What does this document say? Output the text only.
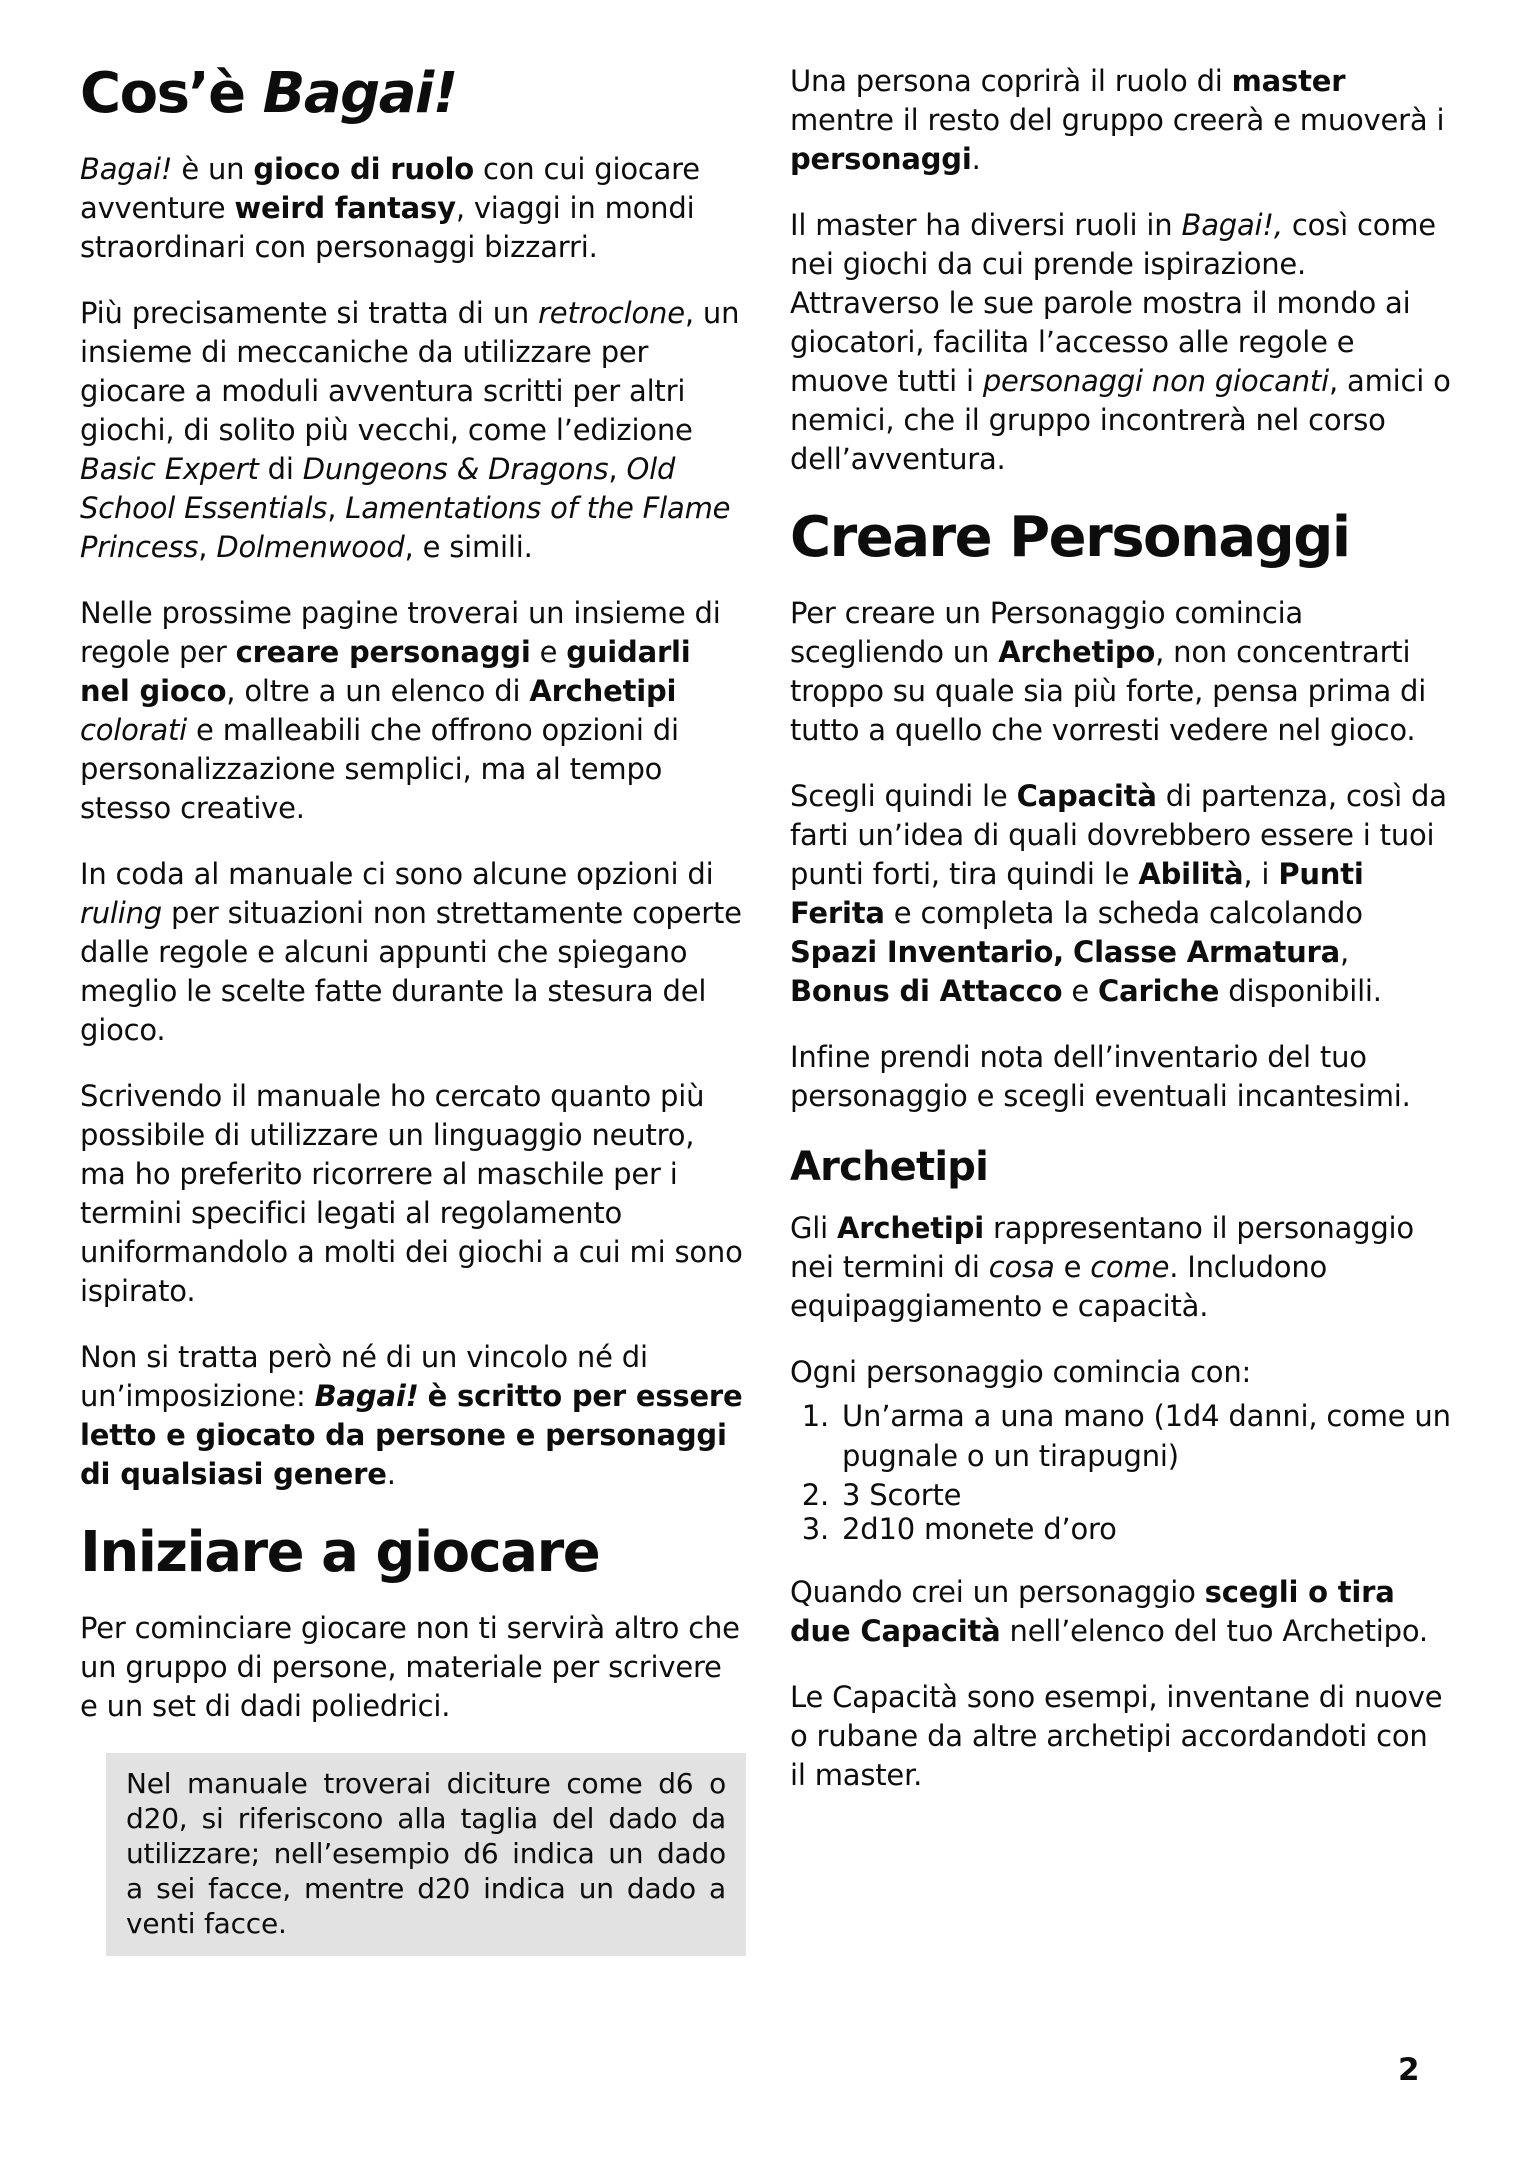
Cos’è Bagai!

Bagai! è un gioco di ruolo con cui giocare avventure weird fantasy, viaggi in mondi straordinari con personaggi bizzarri.

Più precisamente si tratta di un retroclone, un insieme di meccaniche da utilizzare per giocare a moduli avventura scritti per altri giochi, di solito più vecchi, come l’edizione Basic Expert di Dungeons & Dragons, Old School Essentials, Lamentations of the Flame Princess, Dolmenwood, e simili.

Nelle prossime pagine troverai un insieme di regole per creare personaggi e guidarli nel gioco, oltre a un elenco di Archetipi colorati e malleabili che offrono opzioni di personalizzazione semplici, ma al tempo stesso creative.

In coda al manuale ci sono alcune opzioni di ruling per situazioni non strettamente coperte dalle regole e alcuni appunti che spiegano meglio le scelte fatte durante la stesura del gioco.

Scrivendo il manuale ho cercato quanto più possibile di utilizzare un linguaggio neutro, ma ho preferito ricorrere al maschile per i termini specifici legati al regolamento uniformandolo a molti dei giochi a cui mi sono ispirato.

Non si tratta però né di un vincolo né di un’imposizione: Bagai! è scritto per essere letto e giocato da persone e personaggi di qualsiasi genere.

Iniziare a giocare

Per cominciare giocare non ti servirà altro che un gruppo di persone, materiale per scrivere e un set di dadi poliedrici.

Nel manuale troverai diciture come d6 o d20, si riferiscono alla taglia del dado da utilizzare; nell’esempio d6 indica un dado a sei facce, mentre d20 indica un dado a venti facce.

Una persona coprirà il ruolo di master mentre il resto del gruppo creerà e muoverà i personaggi.

Il master ha diversi ruoli in Bagai!, così come nei giochi da cui prende ispirazione. Attraverso le sue parole mostra il mondo ai giocatori, facilita l’accesso alle regole e muove tutti i personaggi non giocanti, amici o nemici, che il gruppo incontrerà nel corso dell’avventura.

Creare Personaggi

Per creare un Personaggio comincia scegliendo un Archetipo, non concentrarti troppo su quale sia più forte, pensa prima di tutto a quello che vorresti vedere nel gioco.

Scegli quindi le Capacità di partenza, così da farti un’idea di quali dovrebbero essere i tuoi punti forti, tira quindi le Abilità, i Punti Ferita e completa la scheda calcolando Spazi Inventario, Classe Armatura, Bonus di Attacco e Cariche disponibili.

Infine prendi nota dell’inventario del tuo personaggio e scegli eventuali incantesimi.

Archetipi

Gli Archetipi rappresentano il personaggio nei termini di cosa e come. Includono equipaggiamento e capacità.

Ogni personaggio comincia con:

1. Un’arma a una mano (1d4 danni, come un pugnale o un tirapugni)
2. 3 Scorte
3. 2d10 monete d’oro

Quando crei un personaggio scegli o tira due Capacità nell’elenco del tuo Archetipo.

Le Capacità sono esempi, inventane di nuove o rubane da altre archetipi accordandoti con il master.

2
